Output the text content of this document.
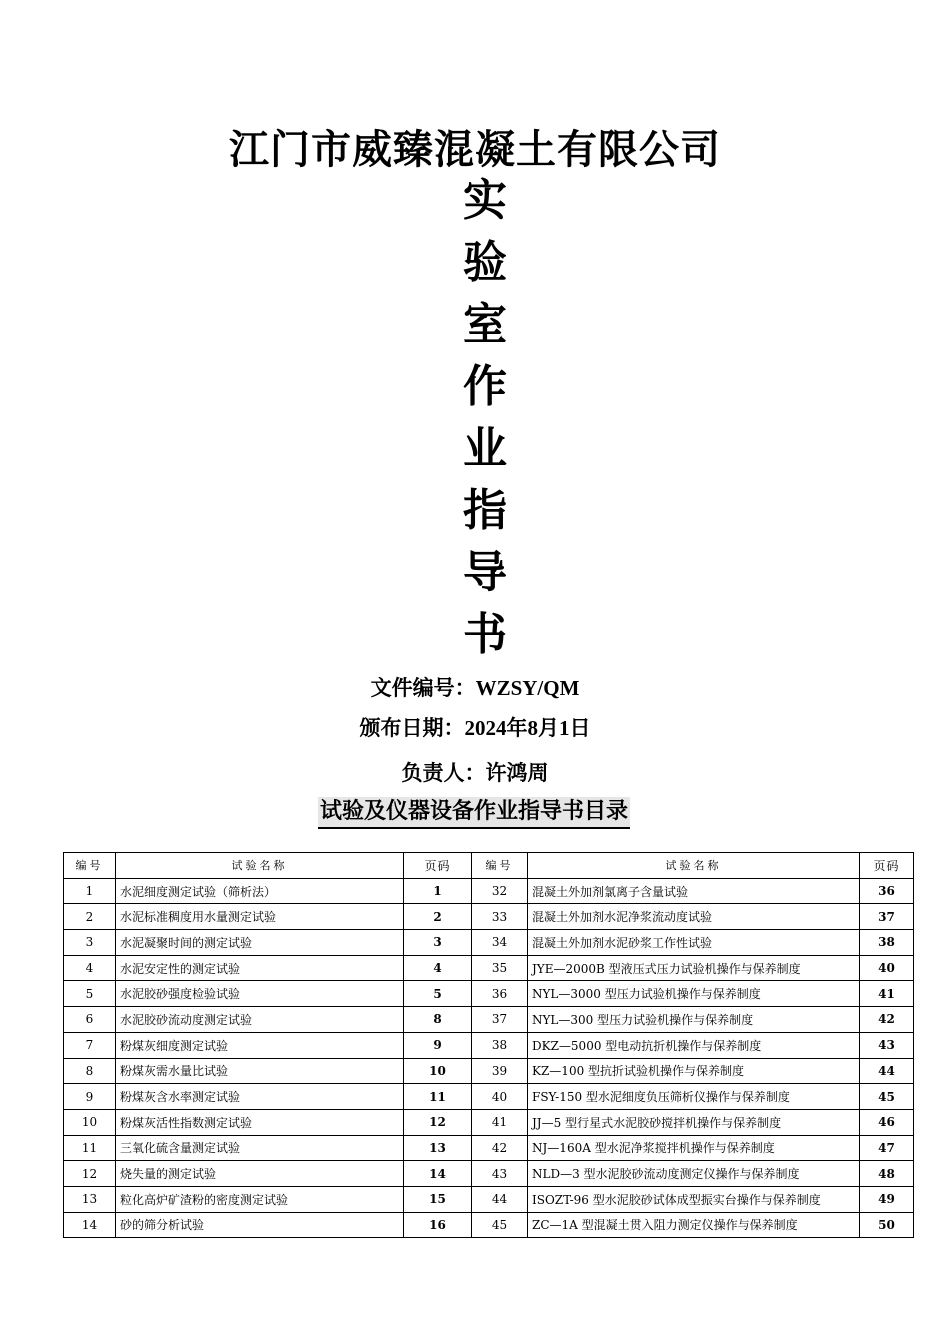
江门市威臻混凝土有限公司
实
验
室
作
业
指
导
书
文件编号：WZSY/QM
颁布日期：2024年8月1日
负责人：许鸿周
试验及仪器设备作业指导书目录
编号	试验名称	页码	编号	试验名称	页码
1	水泥细度测定试验（筛析法）	1	32	混凝土外加剂氯离子含量试验	36
2	水泥标准稠度用水量测定试验	2	33	混凝土外加剂水泥净浆流动度试验	37
3	水泥凝聚时间的测定试验	3	34	混凝土外加剂水泥砂浆工作性试验	38
4	水泥安定性的测定试验	4	35	JYE—2000B 型液压式压力试验机操作与保养制度	40
5	水泥胶砂强度检验试验	5	36	NYL—3000 型压力试验机操作与保养制度	41
6	水泥胶砂流动度测定试验	8	37	NYL—300 型压力试验机操作与保养制度	42
7	粉煤灰细度测定试验	9	38	DKZ—5000 型电动抗折机操作与保养制度	43
8	粉煤灰需水量比试验	10	39	KZ—100 型抗折试验机操作与保养制度	44
9	粉煤灰含水率测定试验	11	40	FSY-150 型水泥细度负压筛析仪操作与保养制度	45
10	粉煤灰活性指数测定试验	12	41	JJ—5 型行星式水泥胶砂搅拌机操作与保养制度	46
11	三氧化硫含量测定试验	13	42	NJ—160A 型水泥净浆搅拌机操作与保养制度	47
12	烧失量的测定试验	14	43	NLD—3 型水泥胶砂流动度测定仪操作与保养制度	48
13	粒化高炉矿渣粉的密度测定试验	15	44	ISOZT-96 型水泥胶砂试体成型振实台操作与保养制度	49
14	砂的筛分析试验	16	45	ZC—1A 型混凝土贯入阻力测定仪操作与保养制度	50
